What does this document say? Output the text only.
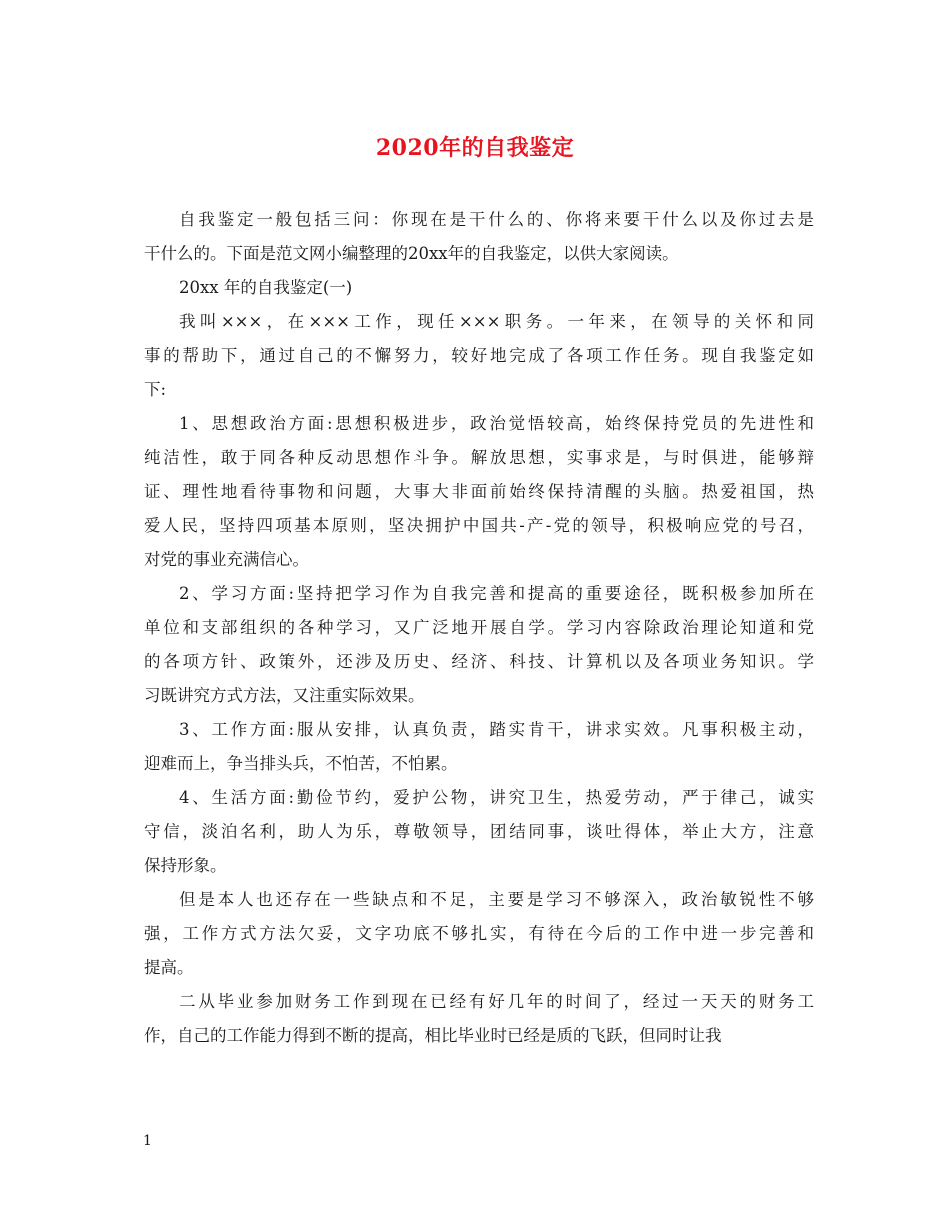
2020年的自我鉴定

自我鉴定一般包括三问：你现在是干什么的、你将来要干什么以及你过去是
干什么的。下面是范文网小编整理的20xx年的自我鉴定，以供大家阅读。

20xx 年的自我鉴定(一)

我叫×××，在×××工作，现任×××职务。一年来，在领导的关怀和同
事的帮助下，通过自己的不懈努力，较好地完成了各项工作任务。现自我鉴定如
下:

1、思想政治方面:思想积极进步，政治觉悟较高，始终保持党员的先进性和
纯洁性，敢于同各种反动思想作斗争。解放思想，实事求是，与时俱进，能够辩
证、理性地看待事物和问题，大事大非面前始终保持清醒的头脑。热爱祖国，热
爱人民，坚持四项基本原则，坚决拥护中国共-产-党的领导，积极响应党的号召，
对党的事业充满信心。

2、学习方面:坚持把学习作为自我完善和提高的重要途径，既积极参加所在
单位和支部组织的各种学习，又广泛地开展自学。学习内容除政治理论知道和党
的各项方针、政策外，还涉及历史、经济、科技、计算机以及各项业务知识。学
习既讲究方式方法，又注重实际效果。

3、工作方面:服从安排，认真负责，踏实肯干，讲求实效。凡事积极主动，
迎难而上，争当排头兵，不怕苦，不怕累。

4、生活方面:勤俭节约，爱护公物，讲究卫生，热爱劳动，严于律己，诚实
守信，淡泊名利，助人为乐，尊敬领导，团结同事，谈吐得体，举止大方，注意
保持形象。

但是本人也还存在一些缺点和不足，主要是学习不够深入，政治敏锐性不够
强，工作方式方法欠妥，文字功底不够扎实，有待在今后的工作中进一步完善和
提高。

二从毕业参加财务工作到现在已经有好几年的时间了，经过一天天的财务工
作，自己的工作能力得到不断的提高，相比毕业时已经是质的飞跃，但同时让我

1
